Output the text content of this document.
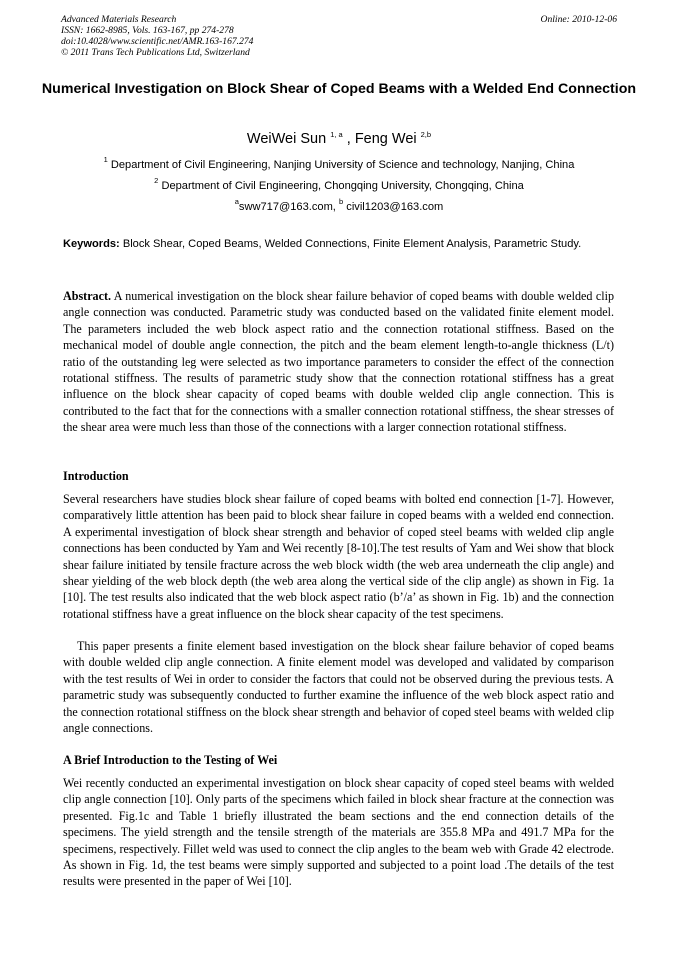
Advanced Materials Research
ISSN: 1662-8985, Vols. 163-167, pp 274-278
doi:10.4028/www.scientific.net/AMR.163-167.274
© 2011 Trans Tech Publications Ltd, Switzerland
Online: 2010-12-06
Numerical Investigation on Block Shear of Coped Beams with a Welded End Connection
WeiWei Sun $^{1, a}$ , Feng Wei $^{2,b}$
$^1$ Department of Civil Engineering, Nanjing University of Science and technology, Nanjing, China
$^2$ Department of Civil Engineering, Chongqing University, Chongqing, China
$^a$sww717@163.com, $^b$ civil1203@163.com
Keywords: Block Shear, Coped Beams, Welded Connections, Finite Element Analysis, Parametric Study.
Abstract. A numerical investigation on the block shear failure behavior of coped beams with double welded clip angle connection was conducted. Parametric study was conducted based on the validated finite element model. The parameters included the web block aspect ratio and the connection rotational stiffness. Based on the mechanical model of double angle connection, the pitch and the beam element length-to-angle thickness (L/t) ratio of the outstanding leg were selected as two importance parameters to consider the effect of the connection rotational stiffness. The results of parametric study show that the connection rotational stiffness has a great influence on the block shear capacity of coped beams with double welded clip angle connection. This is contributed to the fact that for the connections with a smaller connection rotational stiffness, the shear stresses of the shear area were much less than those of the connections with a larger connection rotational stiffness.
Introduction
Several researchers have studies block shear failure of coped beams with bolted end connection [1-7]. However, comparatively little attention has been paid to block shear failure in coped beams with a welded end connection. A experimental investigation of block shear strength and behavior of coped steel beams with welded clip angle connections has been conducted by Yam and Wei recently [8-10].The test results of Yam and Wei show that block shear failure initiated by tensile fracture across the web block width (the web area underneath the clip angle) and shear yielding of the web block depth (the web area along the vertical side of the clip angle) as shown in Fig. 1a [10]. The test results also indicated that the web block aspect ratio (b’/a’ as shown in Fig. 1b) and the connection rotational stiffness have a great influence on the block shear capacity of the test specimens.
This paper presents a finite element based investigation on the block shear failure behavior of coped beams with double welded clip angle connection. A finite element model was developed and validated by comparison with the test results of Wei in order to consider the factors that could not be observed during the previous tests. A parametric study was subsequently conducted to further examine the influence of the web block aspect ratio and the connection rotational stiffness on the block shear strength and behavior of coped steel beams with welded clip angle connections.
A Brief Introduction to the Testing of Wei
Wei recently conducted an experimental investigation on block shear capacity of coped steel beams with welded clip angle connection [10]. Only parts of the specimens which failed in block shear fracture at the connection was presented. Fig.1c and Table 1 briefly illustrated the beam sections and the end connection details of the specimens. The yield strength and the tensile strength of the materials are 355.8 MPa and 491.7 MPa for the specimens, respectively. Fillet weld was used to connect the clip angles to the beam web with Grade 42 electrode. As shown in Fig. 1d, the test beams were simply supported and subjected to a point load .The details of the test results were presented in the paper of Wei [10].
